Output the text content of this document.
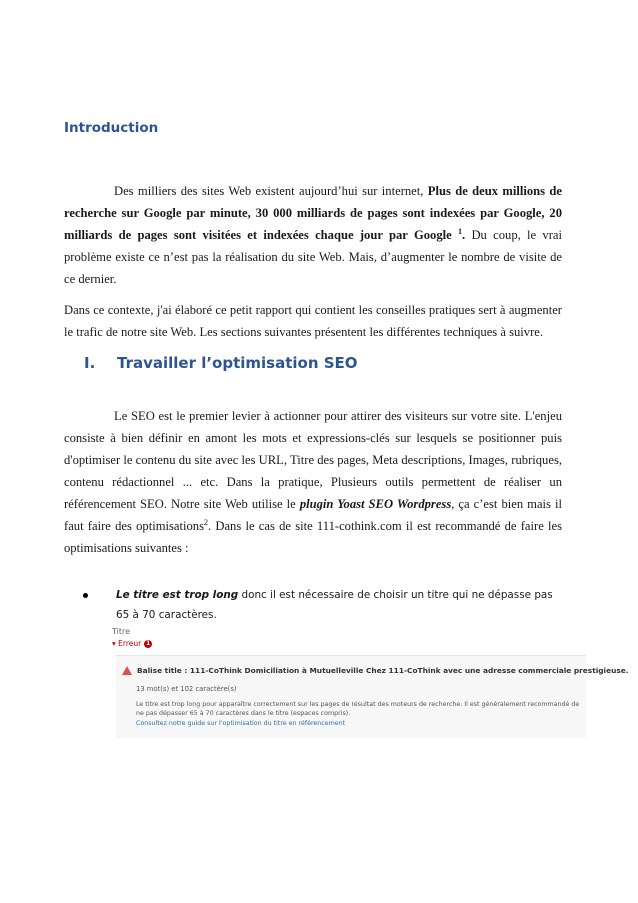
Introduction

Des milliers des sites Web existent aujourd’hui sur internet, Plus de deux millions de recherche sur Google par minute, 30 000 milliards de pages sont indexées par Google, 20 milliards de pages sont visitées et indexées chaque jour par Google $^1$. Du coup, le vrai problème existe ce n’est pas la réalisation du site Web. Mais, d’augmenter le nombre de visite de ce dernier.

Dans ce contexte, j'ai élaboré ce petit rapport qui contient les conseilles pratiques sert à augmenter le trafic de notre site Web. Les sections suivantes présentent les différentes techniques à suivre.

I. Travailler l’optimisation SEO

Le SEO est le premier levier à actionner pour attirer des visiteurs sur votre site. L'enjeu consiste à bien définir en amont les mots et expressions-clés sur lesquels se positionner puis d'optimiser le contenu du site avec les URL, Titre des pages, Meta descriptions, Images, rubriques, contenu rédactionnel ... etc. Dans la pratique, Plusieurs outils permettent de réaliser un référencement SEO. Notre site Web utilise le plugin Yoast SEO Wordpress, ça c’est bien mais il faut faire des optimisations$^2$. Dans le cas de site 111-cothink.com il est recommandé de faire les optimisations suivantes :

Le titre est trop long donc il est nécessaire de choisir un titre qui ne dépasse pas 65 à 70 caractères.
Titre
▾ Erreur 1
Balise title : 111-CoThink Domiciliation à Mutuelleville Chez 111-CoThink avec une adresse commerciale prestigieuse.
13 mot(s) et 102 caractère(s)
Le titre est trop long pour apparaître correctement sur les pages de résultat des moteurs de recherche. Il est généralement recommandé de ne pas dépasser 65 à 70 caractères dans le titre (espaces compris).
Consultez notre guide sur l'optimisation du titre en référencement
